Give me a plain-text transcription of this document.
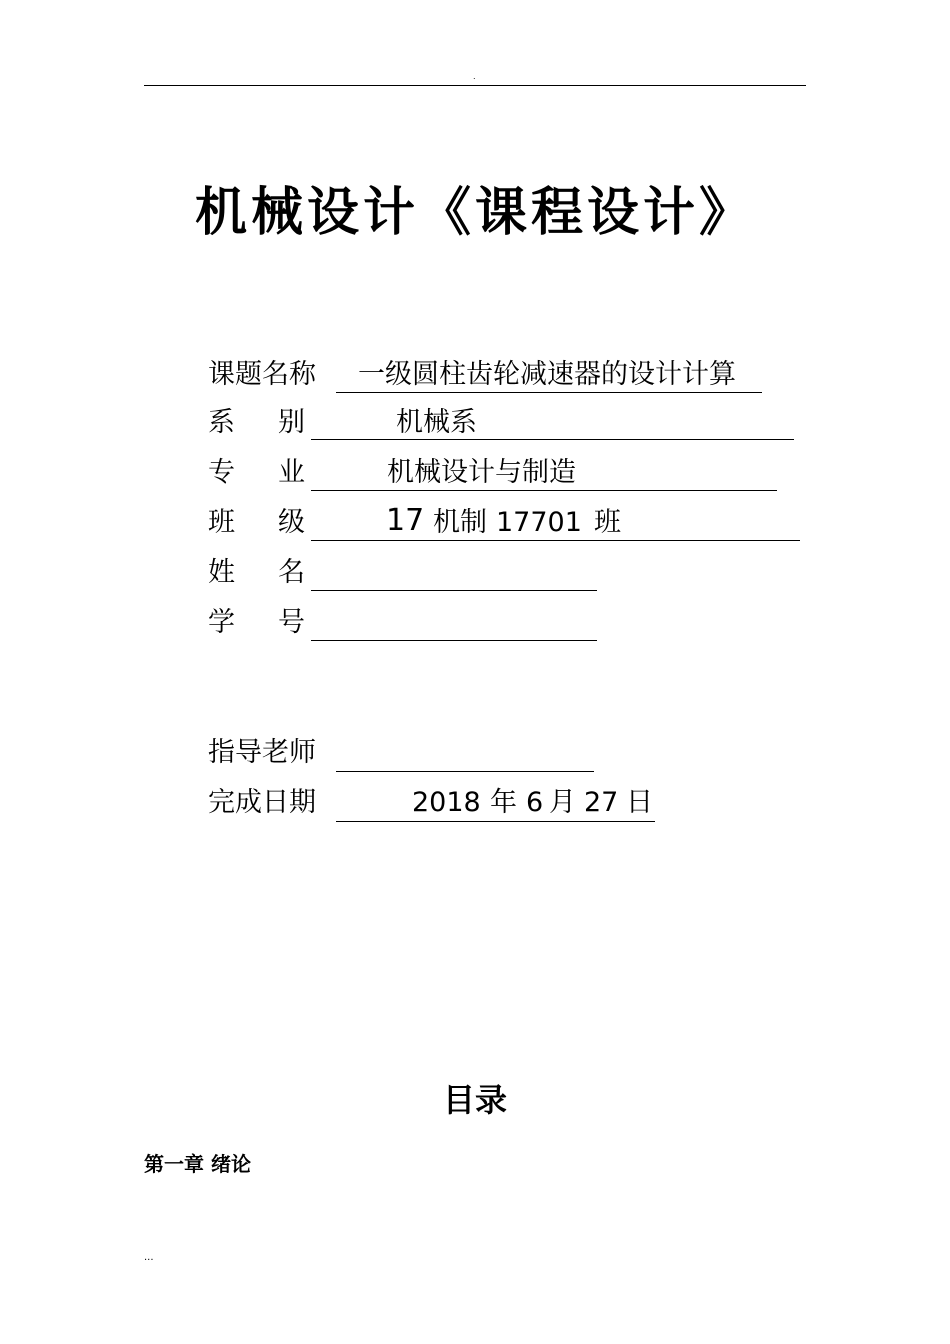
.
机械设计《课程设计》
课题名称	一级圆柱齿轮减速器的设计计算
系 别	机械系
专 业	机械设计与制造
班 级	17 机制 17701 班
姓 名
学 号
指导老师
完成日期	2018 年 6 月 27 日
目录
第一章 绪论
...
